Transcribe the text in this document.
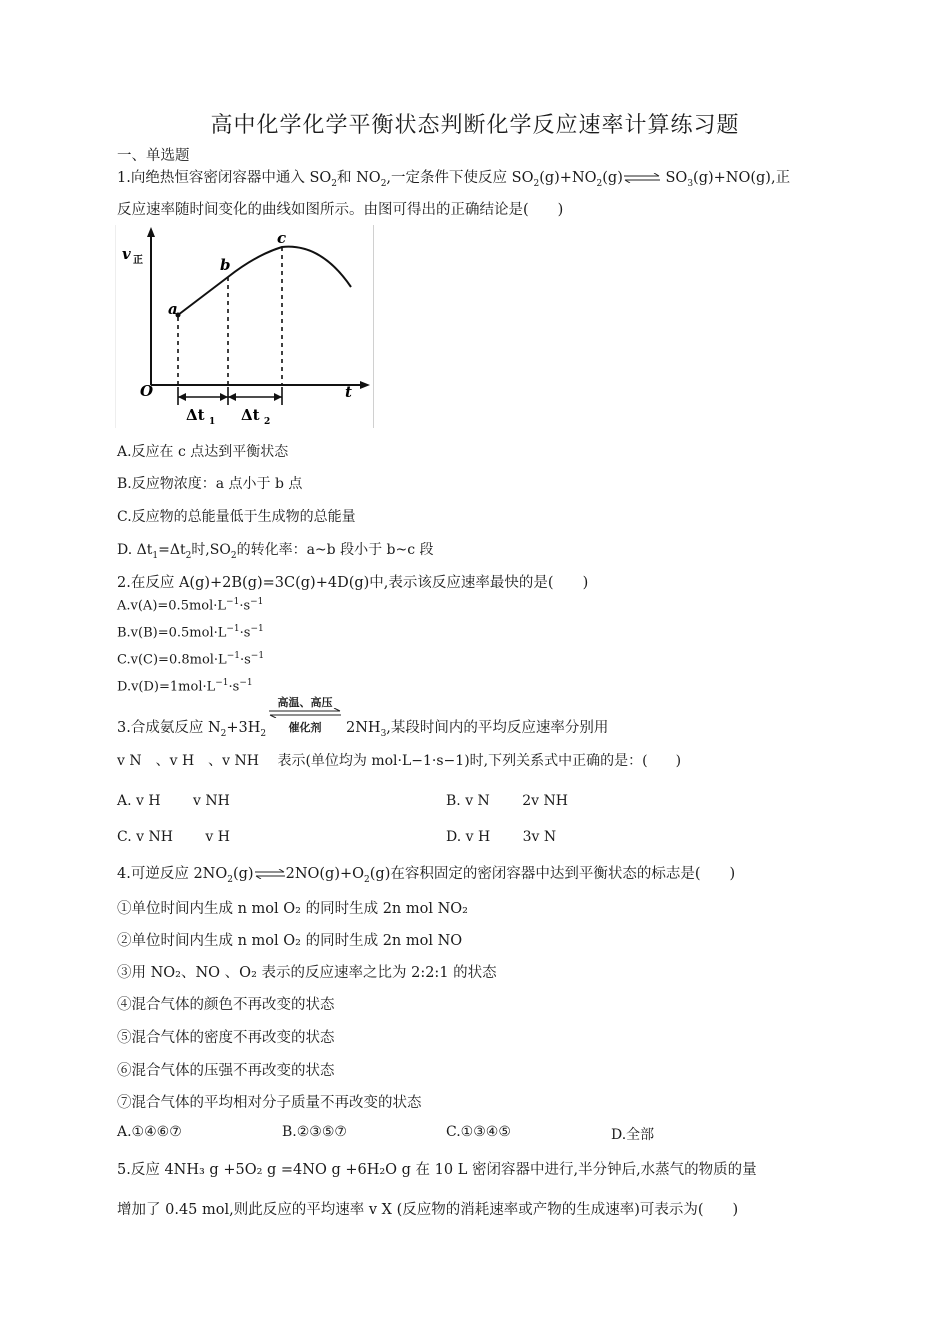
高中化学化学平衡状态判断化学反应速率计算练习题
一、单选题
1.向绝热恒容密闭容器中通入 $SO_2$和 $NO_2$,一定条件下使反应 $SO_2(g)+NO_2(g)\rightleftharpoons$ $SO_3(g)+NO(g)$,正
反应速率随时间变化的曲线如图所示。由图可得出的正确结论是(　　)
v 正
t
O
a
b
c
Δt 1 Δt 2
A.反应在 c 点达到平衡状态
B.反应物浓度：a 点小于 b 点
C.反应物的总能量低于生成物的总能量
D. $\Delta t_1=\Delta t_2$时$,SO_2$的转化率：a~b 段小于 b~c 段
2.在反应 A(g)+2B(g)=3C(g)+4D(g)中,表示该反应速率最快的是(　　)
$A.v(A)=0.5mol\cdot L^{-1}\cdot s^{-1}$
$B.v(B)=0.5mol\cdot L^{-1}\cdot s^{-1}$
$C.v(C)=0.8mol\cdot L^{-1}\cdot s^{-1}$
$D.v(D)=1mol\cdot L^{-1}\cdot s^{-1}$
3.合成氨反应 $N_2+3H_2$
高温、高压
催化剂	$2NH_3$,某段时间内的平均反应速率分别用
v N　、v H　、v NH　 表示(单位均为 mol·L−1·s−1)时,下列关系式中正确的是：(　　)
A. v H　　 v NH	B. v N　　 2v NH
C. v NH　　 v H	D. v H　　 3v N
4.可逆反应 $2NO_2(g)\rightleftharpoons 2NO(g)+O_2(g)$在容积固定的密闭容器中达到平衡状态的标志是(　　)
①单位时间内生成 n mol O₂ 的同时生成 2n mol NO₂
②单位时间内生成 n mol O₂ 的同时生成 2n mol NO
③用 NO₂、NO 、O₂ 表示的反应速率之比为 2:2:1 的状态
④混合气体的颜色不再改变的状态
⑤混合气体的密度不再改变的状态
⑥混合气体的压强不再改变的状态
⑦混合气体的平均相对分子质量不再改变的状态
A.①④⑥⑦	B.②③⑤⑦	C.①③④⑤	D.全部
5.反应 4NH₃ g +5O₂ g =4NO g +6H₂O g 在 10 L 密闭容器中进行,半分钟后,水蒸气的物质的量
增加了 0.45 mol,则此反应的平均速率 v X (反应物的消耗速率或产物的生成速率)可表示为(　　)
